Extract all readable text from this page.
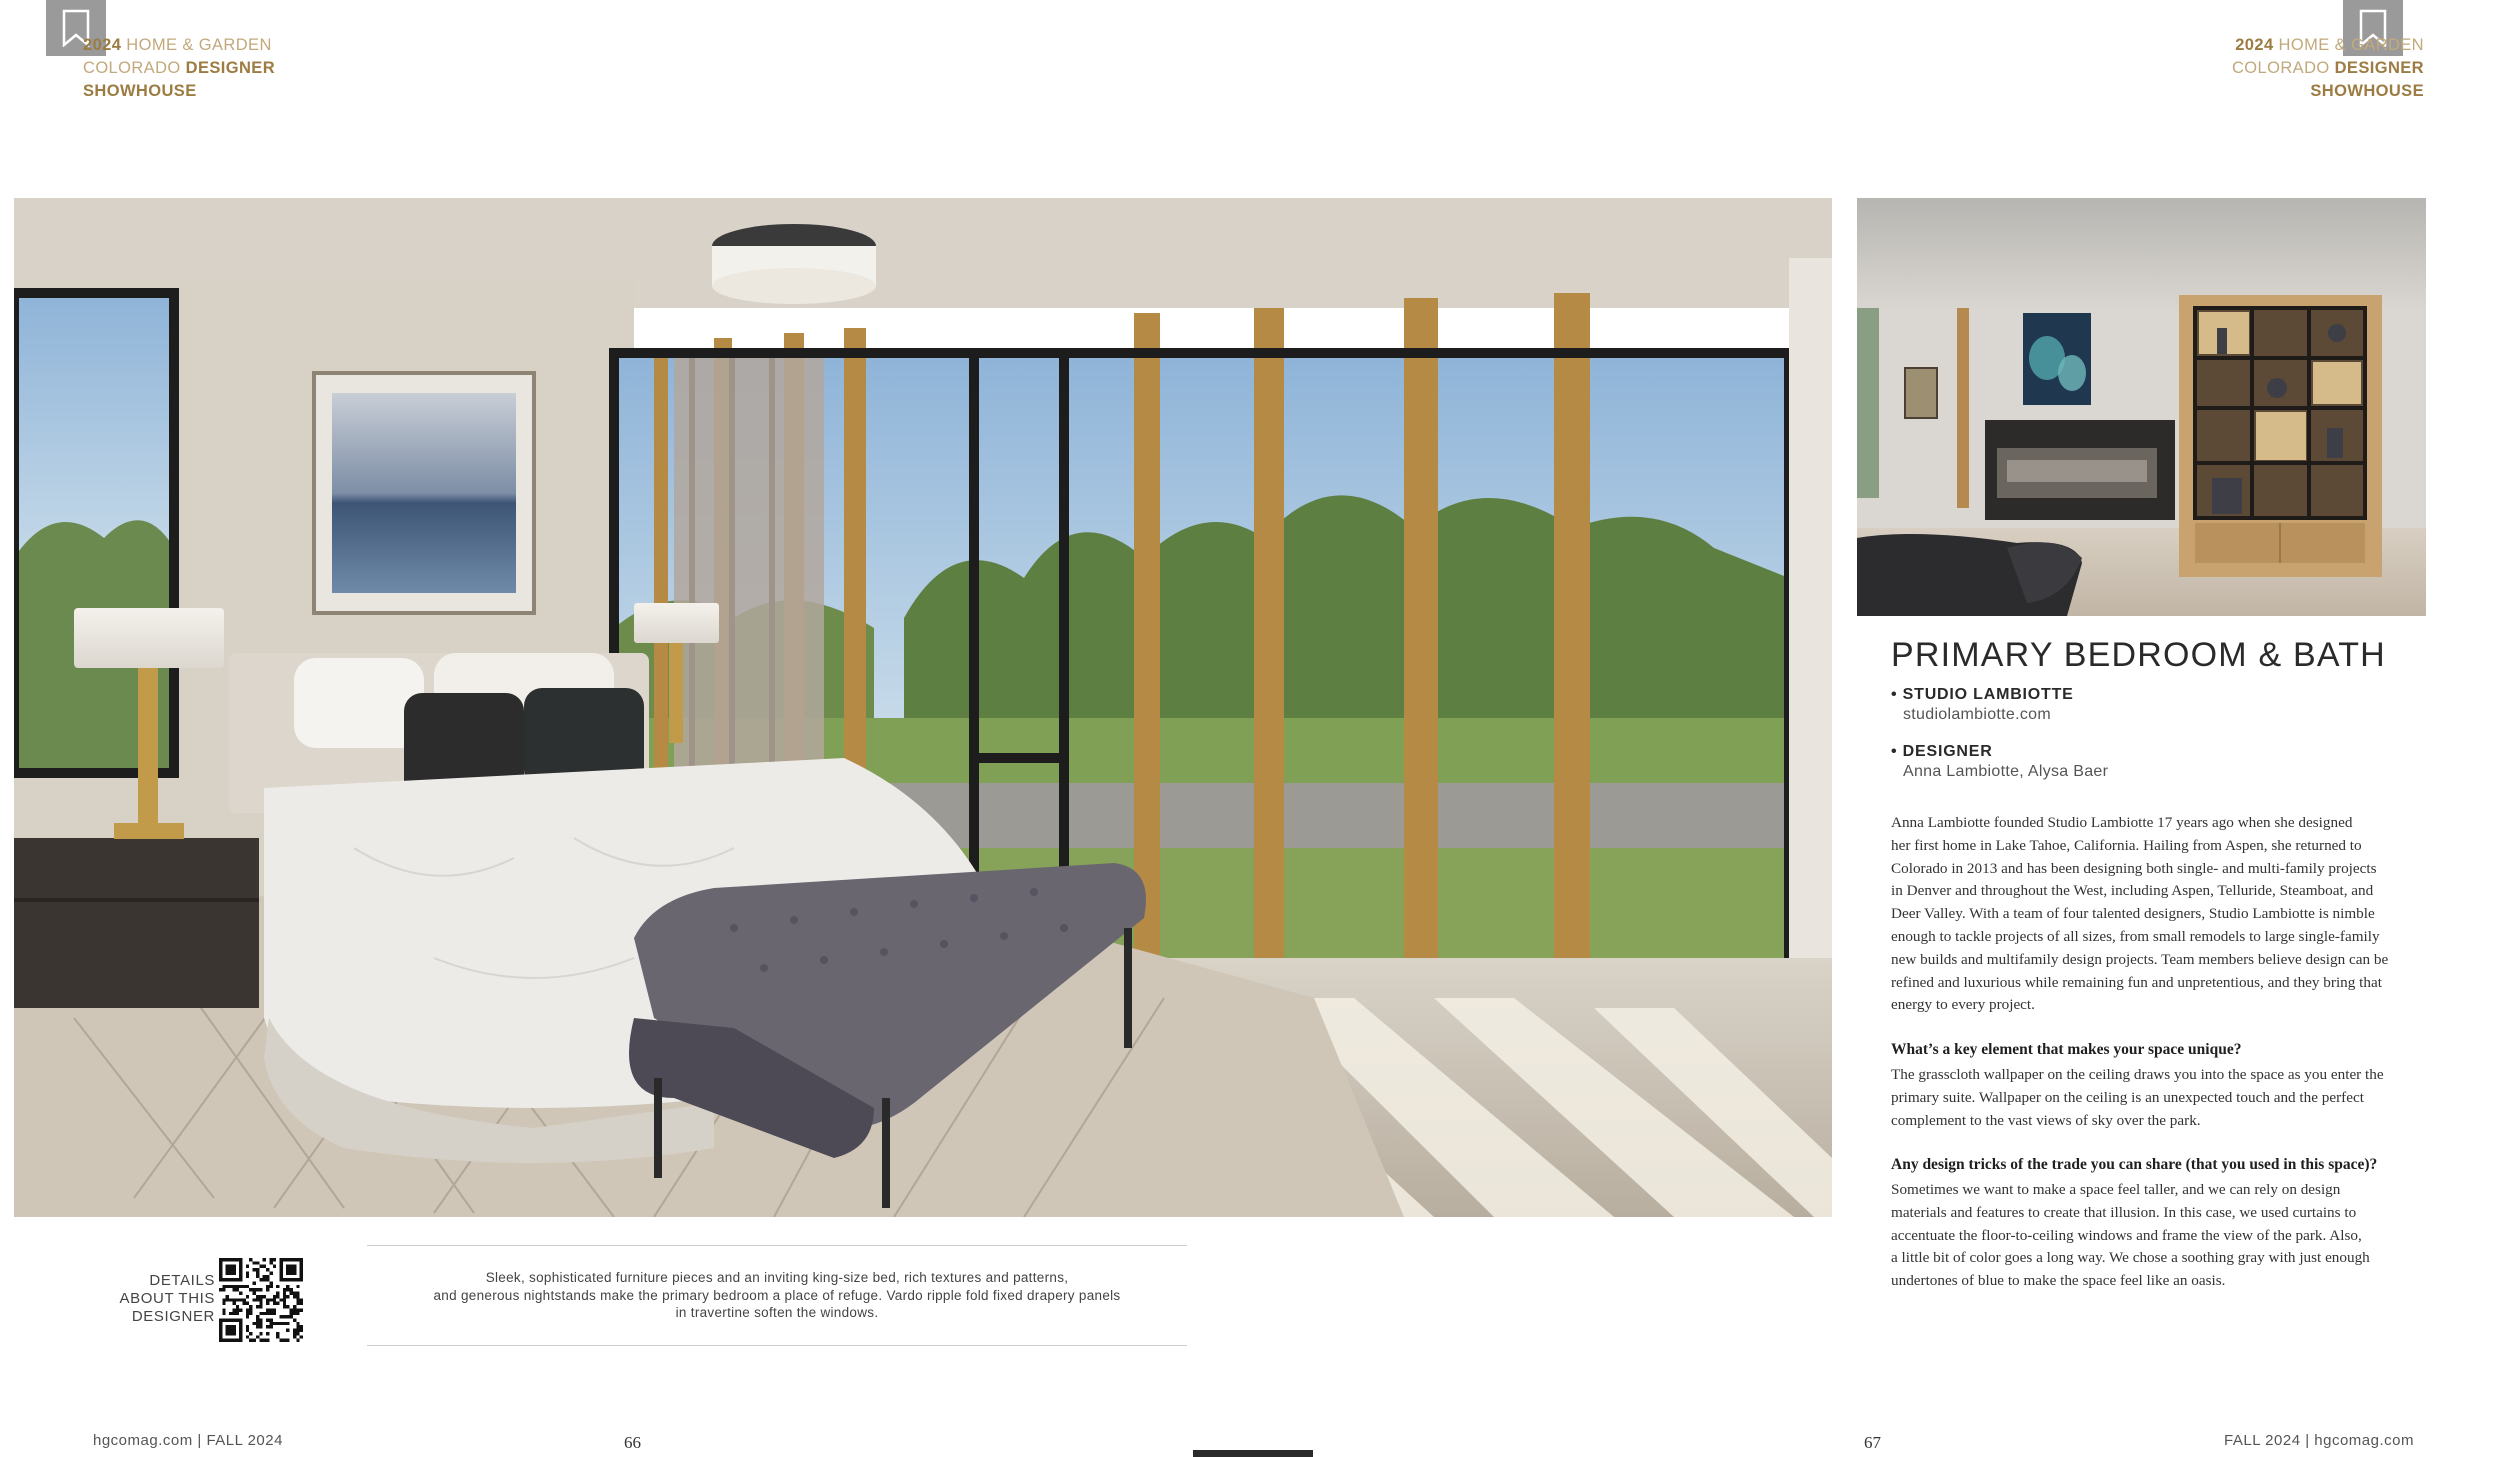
2024 HOME & GARDEN
COLORADO DESIGNER
SHOWHOUSE
2024 HOME & GARDEN
COLORADO DESIGNER
SHOWHOUSE
PRIMARY BEDROOM & BATH
• STUDIO LAMBIOTTE
studiolambiotte.com
• DESIGNER
Anna Lambiotte, Alysa Baer
Anna Lambiotte founded Studio Lambiotte 17 years ago when she designed
her first home in Lake Tahoe, California. Hailing from Aspen, she returned to
Colorado in 2013 and has been designing both single- and multi-family projects
in Denver and throughout the West, including Aspen, Telluride, Steamboat, and
Deer Valley. With a team of four talented designers, Studio Lambiotte is nimble
enough to tackle projects of all sizes, from small remodels to large single-family
new builds and multifamily design projects. Team members believe design can be
refined and luxurious while remaining fun and unpretentious, and they bring that
energy to every project.
What’s a key element that makes your space unique?
The grasscloth wallpaper on the ceiling draws you into the space as you enter the
primary suite. Wallpaper on the ceiling is an unexpected touch and the perfect
complement to the vast views of sky over the park.
Any design tricks of the trade you can share (that you used in this space)?
Sometimes we want to make a space feel taller, and we can rely on design
materials and features to create that illusion. In this case, we used curtains to
accentuate the floor-to-ceiling windows and frame the view of the park. Also,
a little bit of color goes a long way. We chose a soothing gray with just enough
undertones of blue to make the space feel like an oasis.
DETAILS
ABOUT THIS
DESIGNER
Sleek, sophisticated furniture pieces and an inviting king-size bed, rich textures and patterns,
and generous nightstands make the primary bedroom a place of refuge. Vardo ripple fold fixed drapery panels
in travertine soften the windows.
hgcomag.com | FALL 2024	66	67	FALL 2024 | hgcomag.com
